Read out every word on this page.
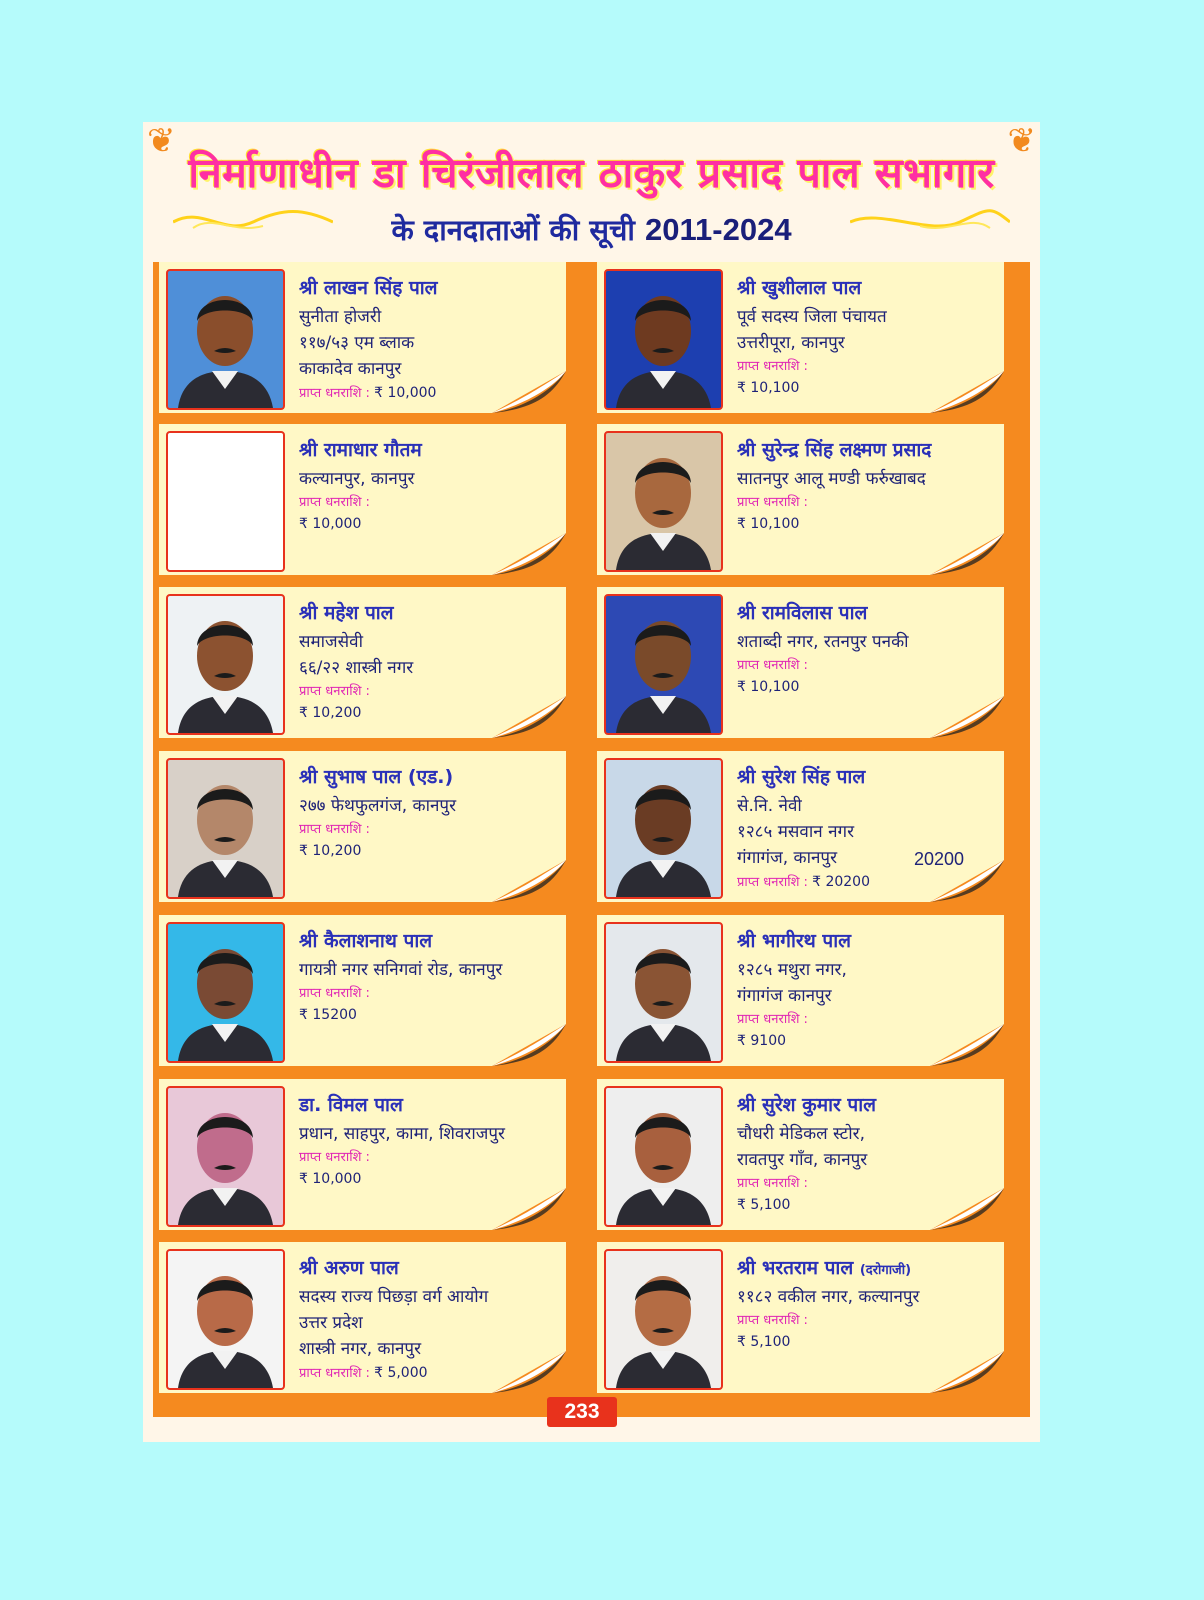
❦	❦
निर्माणाधीन डा चिरंजीलाल ठाकुर प्रसाद पाल सभागार
के दानदाताओं की सूची 2011-2024
श्री लाखन सिंह पाल
सुनीता होजरी
११७/५३ एम ब्लाक
काकादेव कानपुर
प्राप्त धनराशि : ₹ 10,000
श्री खुशीलाल पाल
पूर्व सदस्य जिला पंचायत
उत्तरीपूरा, कानपुर
प्राप्त धनराशि :
₹ 10,100
श्री रामाधार गौतम
कल्यानपुर, कानपुर
प्राप्त धनराशि :
₹ 10,000
श्री सुरेन्द्र सिंह लक्ष्मण प्रसाद
सातनपुर आलू मण्डी फर्रुखाबद
प्राप्त धनराशि :
₹ 10,100
श्री महेश पाल
समाजसेवी
६६/२२ शास्त्री नगर
प्राप्त धनराशि :
₹ 10,200
श्री रामविलास पाल
शताब्दी नगर, रतनपुर पनकी
प्राप्त धनराशि :
₹ 10,100
श्री सुभाष पाल (एड.)
२७७ फेथफुलगंज, कानपुर
प्राप्त धनराशि :
₹ 10,200
श्री सुरेश सिंह पाल
से.नि. नेवी
१२८५ मसवान नगर
गंगागंज, कानपुर
प्राप्त धनराशि : ₹ 20200
20200
श्री कैलाशनाथ पाल
गायत्री नगर सनिगवां रोड, कानपुर
प्राप्त धनराशि :
₹ 15200
श्री भागीरथ पाल
१२८५ मथुरा नगर,
गंगागंज कानपुर
प्राप्त धनराशि :
₹ 9100
डा. विमल पाल
प्रधान, साहपुर, कामा, शिवराजपुर
प्राप्त धनराशि :
₹ 10,000
श्री सुरेश कुमार पाल
चौधरी मेडिकल स्टोर,
रावतपुर गाँव, कानपुर
प्राप्त धनराशि :
₹ 5,100
श्री अरुण पाल
सदस्य राज्य पिछड़ा वर्ग आयोग
उत्तर प्रदेश
शास्त्री नगर, कानपुर
प्राप्त धनराशि : ₹ 5,000
श्री भरतराम पाल (दरोगाजी)
११८२ वकील नगर, कल्यानपुर
प्राप्त धनराशि :
₹ 5,100
233
